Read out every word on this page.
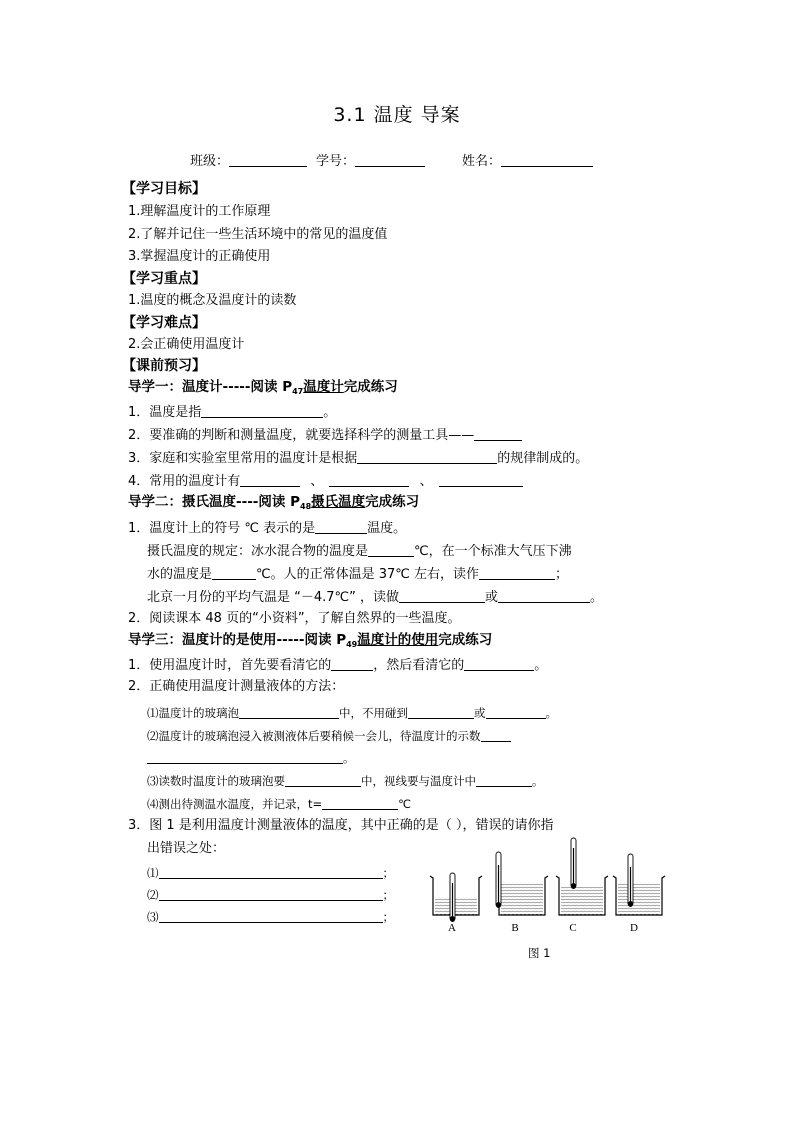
3.1 温度 导案
班级：	学号：	姓名：
【学习目标】
1.理解温度计的工作原理
2.了解并记住一些生活环境中的常见的温度值
3.掌握温度计的正确使用
【学习重点】
1.温度的概念及温度计的读数
【学习难点】
2.会正确使用温度计
【课前预习】
导学一：温度计-----阅读 $P_{47}$温度计完成练习
1．温度是指	。
2．要准确的判断和测量温度，就要选择科学的测量工具——
3．家庭和实验室里常用的温度计是根据	的规律制成的。
4．常用的温度计有	、	、
导学二：摄氏温度----阅读 $P_{48}$摄氏温度完成练习
1．温度计上的符号 ℃ 表示的是	温度。
摄氏温度的规定：冰水混合物的温度是	℃，在一个标准大气压下沸
水的温度是	℃。人的正常体温是 37℃ 左右，读作	；
北京一月份的平均气温是 “－4.7℃” ，读做	或	。
2．阅读课本 48 页的“小资料”，了解自然界的一些温度。
导学三：温度计的是使用-----阅读 $P_{49}$温度计的使用完成练习
1．使用温度计时，首先要看清它的	，然后看清它的	。
2．正确使用温度计测量液体的方法：
⑴温度计的玻璃泡	中，不用碰到	或	。
⑵温度计的玻璃泡浸入被测液体后要稍候一会儿，待温度计的示数
。
⑶读数时温度计的玻璃泡要	中，视线要与温度计中	。
⑷测出待测温水温度，并记录，t=	℃
3．图 1 是利用温度计测量液体的温度，其中正确的是（ ），错误的请你指
出错误之处：
⑴	；
⑵	；
⑶	；
A	B	C	D
图 1
